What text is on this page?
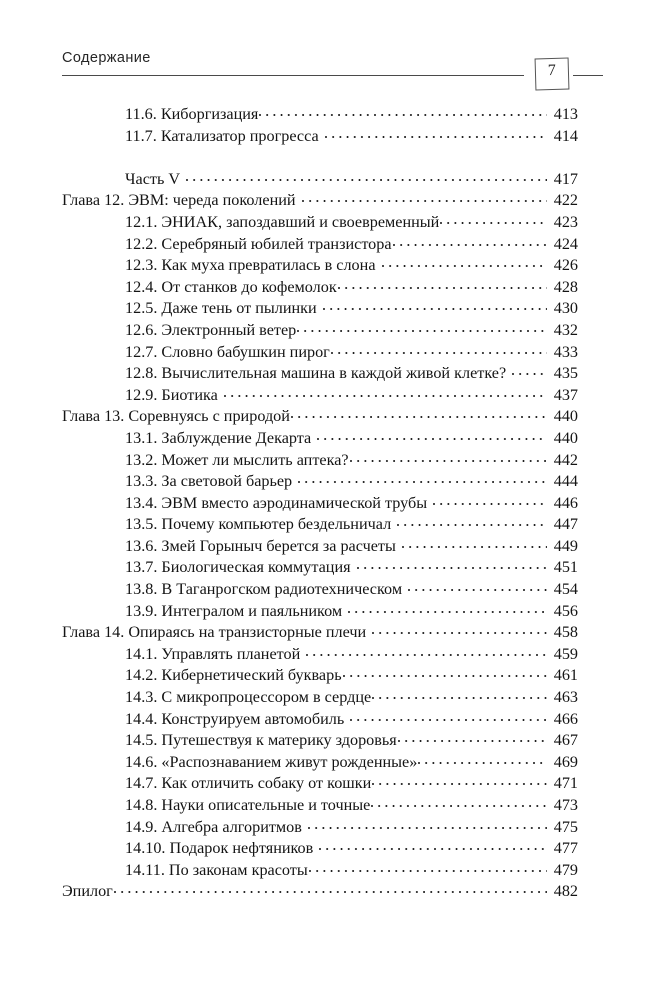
Содержание
7
11.6. Киборгизация	413
11.7. Катализатор прогресса	414
Часть V	417
Глава 12. ЭВМ: череда поколений	422
12.1. ЭНИАК, запоздавший и своевременный	423
12.2. Серебряный юбилей транзистора	424
12.3. Как муха превратилась в слона	426
12.4. От станков до кофемолок	428
12.5. Даже тень от пылинки	430
12.6. Электронный ветер	432
12.7. Словно бабушкин пирог	433
12.8. Вычислительная машина в каждой живой клетке?	435
12.9. Биотика	437
Глава 13. Соревнуясь с природой	440
13.1. Заблуждение Декарта	440
13.2. Может ли мыслить аптека?	442
13.3. За световой барьер	444
13.4. ЭВМ вместо аэродинамической трубы	446
13.5. Почему компьютер бездельничал	447
13.6. Змей Горыныч берется за расчеты	449
13.7. Биологическая коммутация	451
13.8. В Таганрогском радиотехническом	454
13.9. Интегралом и паяльником	456
Глава 14. Опираясь на транзисторные плечи	458
14.1. Управлять планетой	459
14.2. Кибернетический букварь	461
14.3. С микропроцессором в сердце	463
14.4. Конструируем автомобиль	466
14.5. Путешествуя к материку здоровья	467
14.6. «Распознаванием живут рожденные»	469
14.7. Как отличить собаку от кошки	471
14.8. Науки описательные и точные	473
14.9. Алгебра алгоритмов	475
14.10. Подарок нефтяников	477
14.11. По законам красоты	479
Эпилог	482
